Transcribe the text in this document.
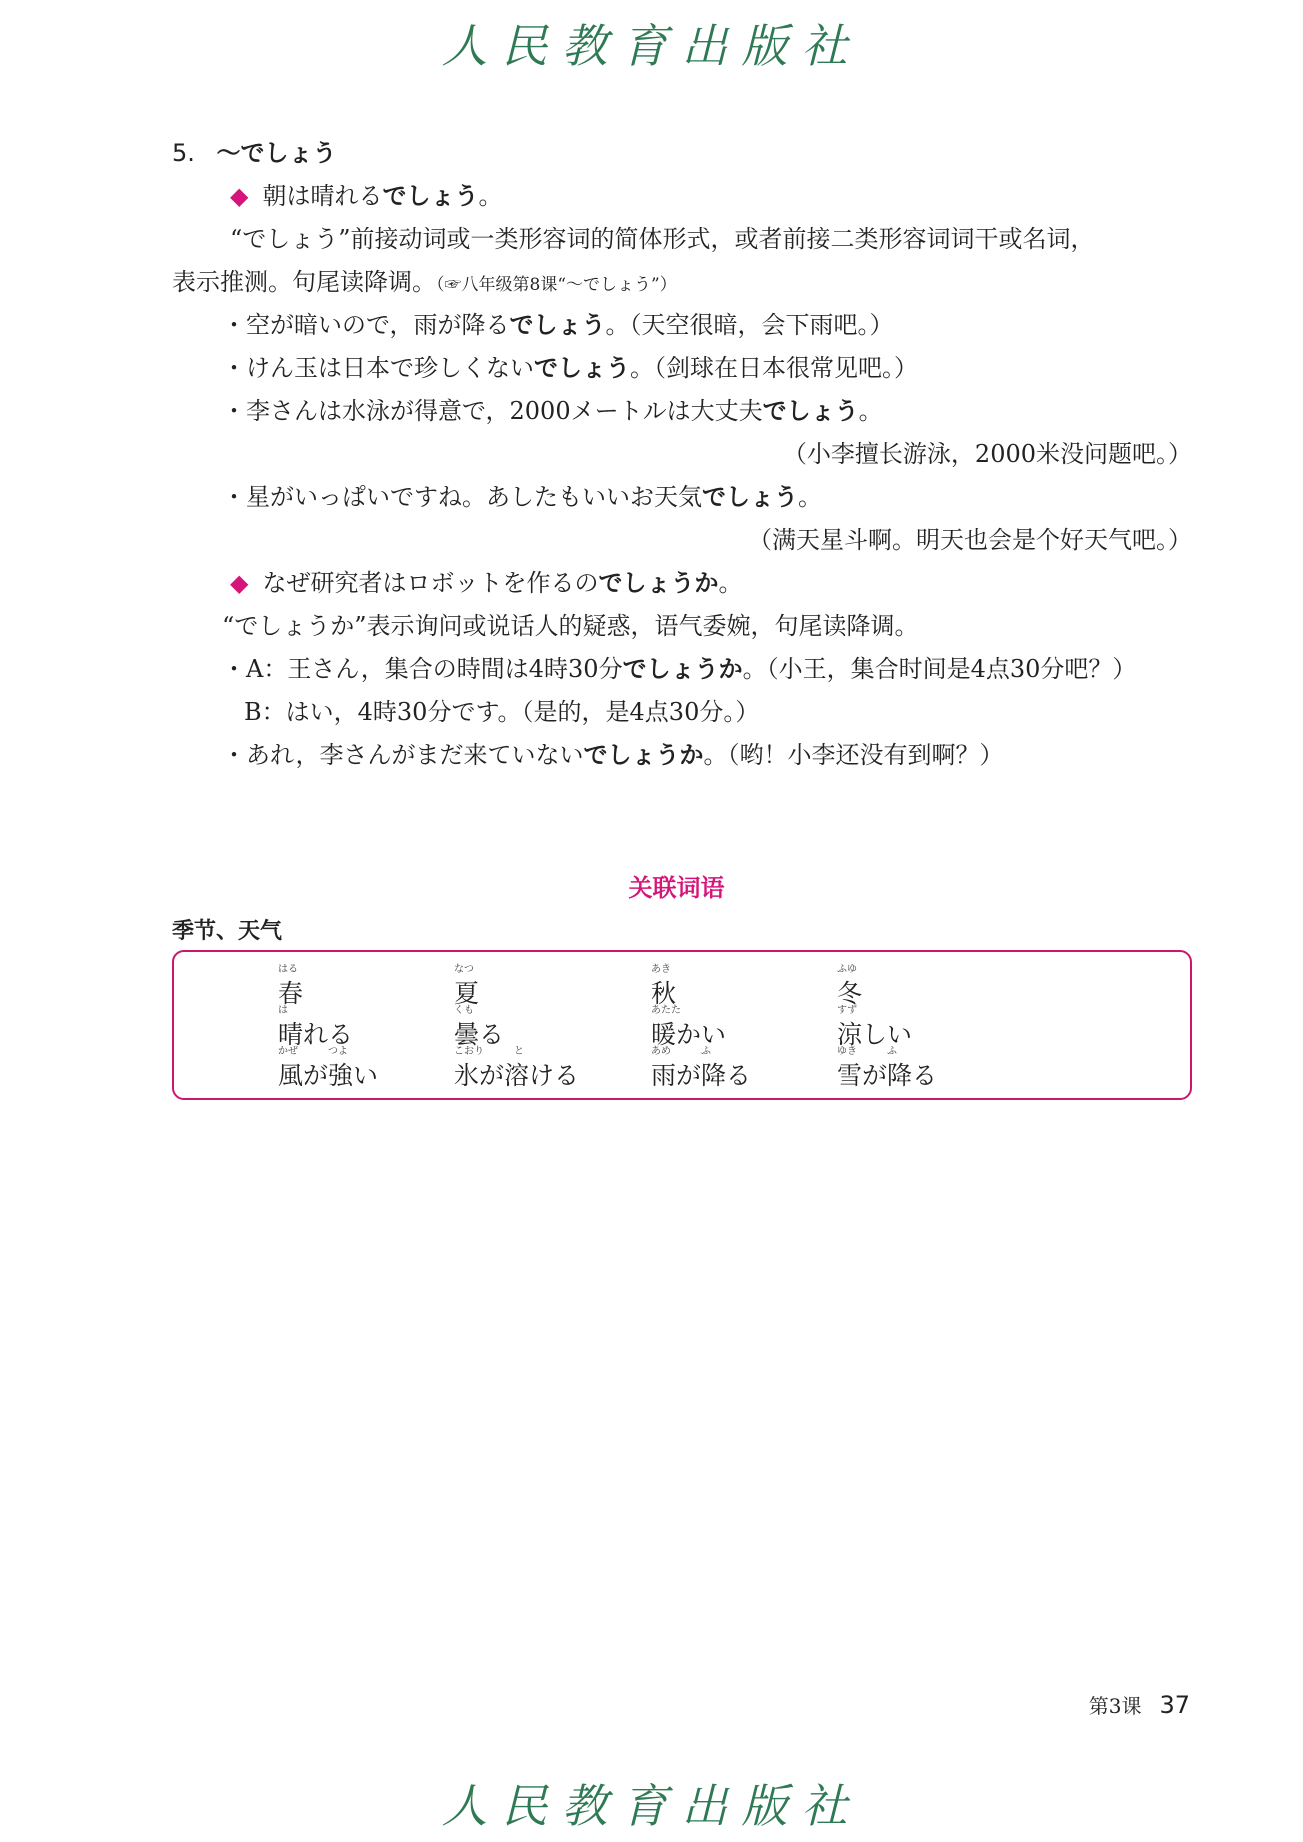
人民教育出版社
5. 〜でしょう
◆ 朝は晴れるでしょう。
“でしょう”前接动词或一类形容词的简体形式，或者前接二类形容词词干或名词，
表示推测。句尾读降调。（☞八年级第8课“〜でしょう”）
・空が暗いので，雨が降るでしょう。（天空很暗，会下雨吧。）
・けん玉は日本で珍しくないでしょう。（剑球在日本很常见吧。）
・李さんは水泳が得意で，2000メートルは大丈夫でしょう。
（小李擅长游泳，2000米没问题吧。）
・星がいっぱいですね。あしたもいいお天気でしょう。
（满天星斗啊。明天也会是个好天气吧。）
◆ なぜ研究者はロボットを作るのでしょうか。
“でしょうか”表示询问或说话人的疑惑，语气委婉，句尾读降调。
・A：王さん，集合の時間は4時30分でしょうか。（小王，集合时间是4点30分吧？）
B：はい，4時30分です。（是的，是4点30分。）
・あれ，李さんがまだ来ていないでしょうか。（哟！小李还没有到啊？）
关联词语
季节、天气
はる
春
なつ
夏
あき
秋
ふゆ
冬
は
晴れる
くも
曇る
あたた
暖かい
すず
涼しい
かぜ　　　つよ
風が強い
こおり　　　と
氷が溶ける
あめ　　　ふ
雨が降る
ゆき　　　ふ
雪が降る
第3课 37
人民教育出版社
